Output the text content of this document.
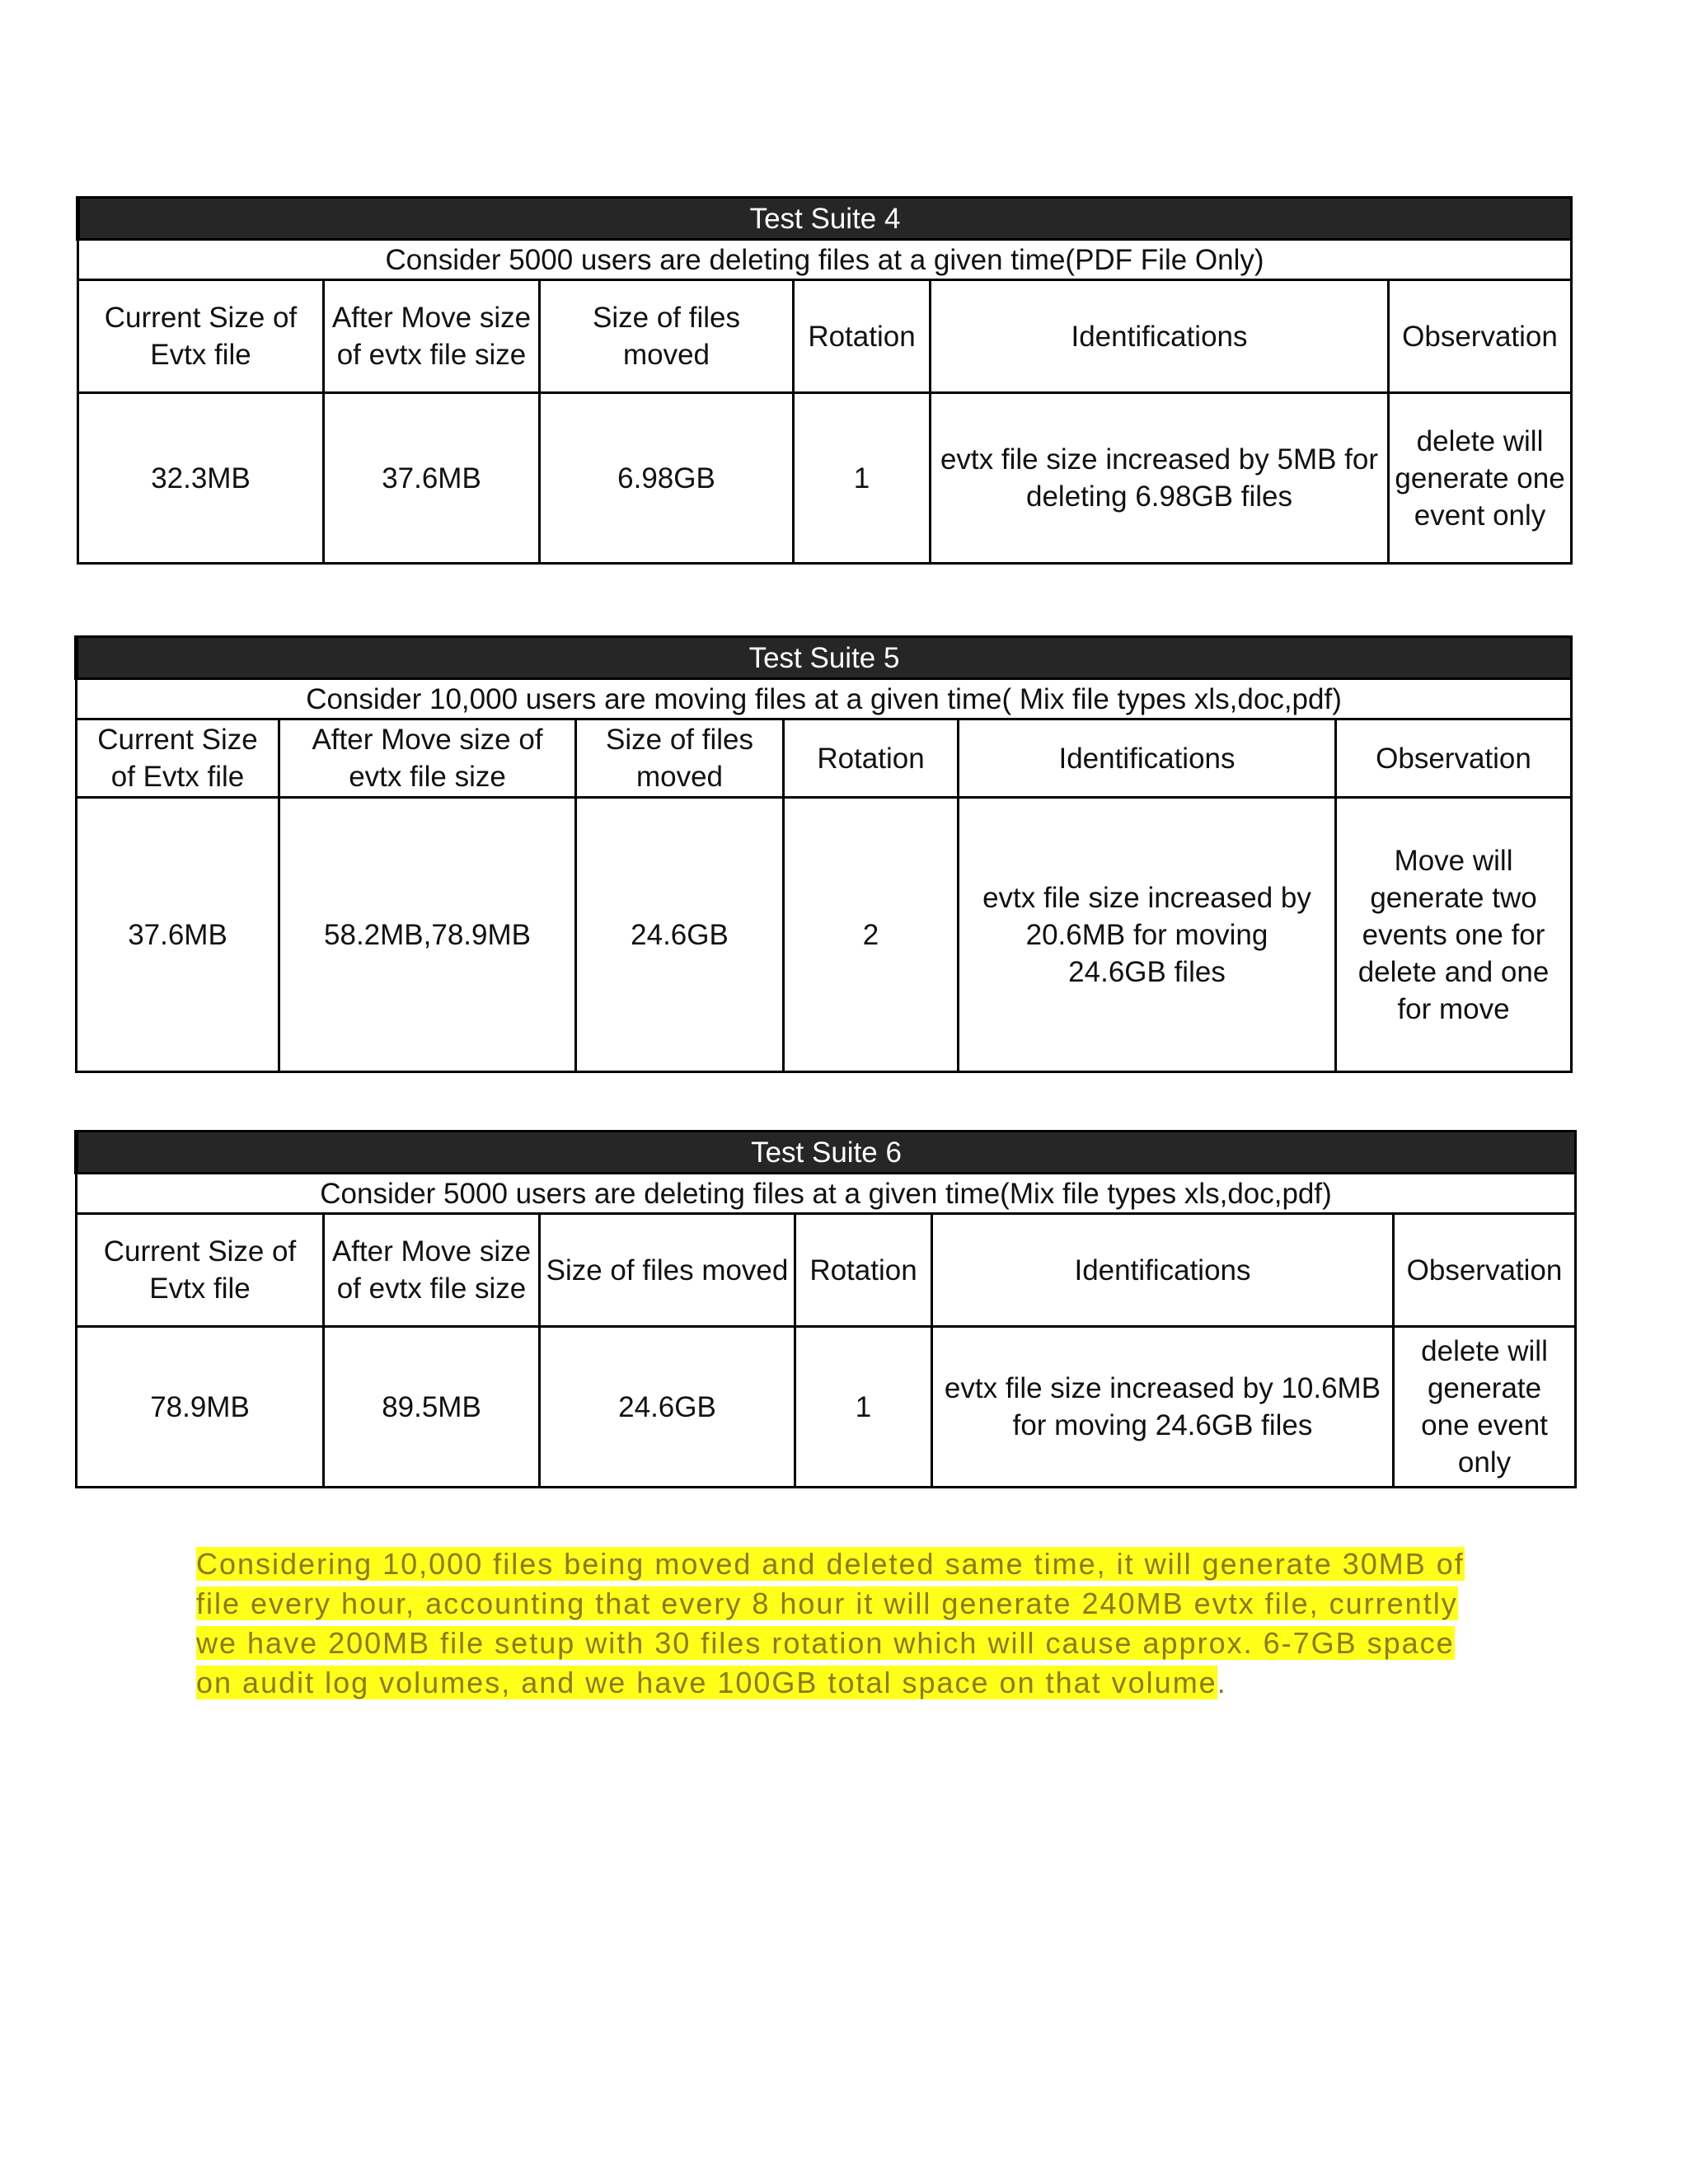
Test Suite 4					
Consider 5000 users are deleting files at a given time(PDF File Only)					
Current Size of Evtx file	After Move size of evtx file size	Size of files moved	Rotation	Identifications	Observation
32.3MB	37.6MB	6.98GB	1	evtx file size increased by 5MB for deleting 6.98GB files	delete will generate one event only
Test Suite 5					
Consider 10,000 users are moving files at a given time( Mix file types xls,doc,pdf)					
Current Size of Evtx file	After Move size of evtx file size	Size of files moved	Rotation	Identifications	Observation
37.6MB	58.2MB,78.9MB	24.6GB	2	evtx file size increased by 20.6MB for moving 24.6GB files	Move will generate two events one for delete and one for move
Test Suite 6					
Consider 5000 users are deleting files at a given time(Mix file types xls,doc,pdf)					
Current Size of Evtx file	After Move size of evtx file size	Size of files moved	Rotation	Identifications	Observation
78.9MB	89.5MB	24.6GB	1	evtx file size increased by 10.6MB for moving 24.6GB files	delete will generate one event only
Considering 10,000 files being moved and deleted same time, it will generate 30MB of file every hour, accounting that every 8 hour it will generate 240MB evtx file, currently we have 200MB file setup with 30 files rotation which will cause approx. 6-7GB space on audit log volumes, and we have 100GB total space on that volume.
